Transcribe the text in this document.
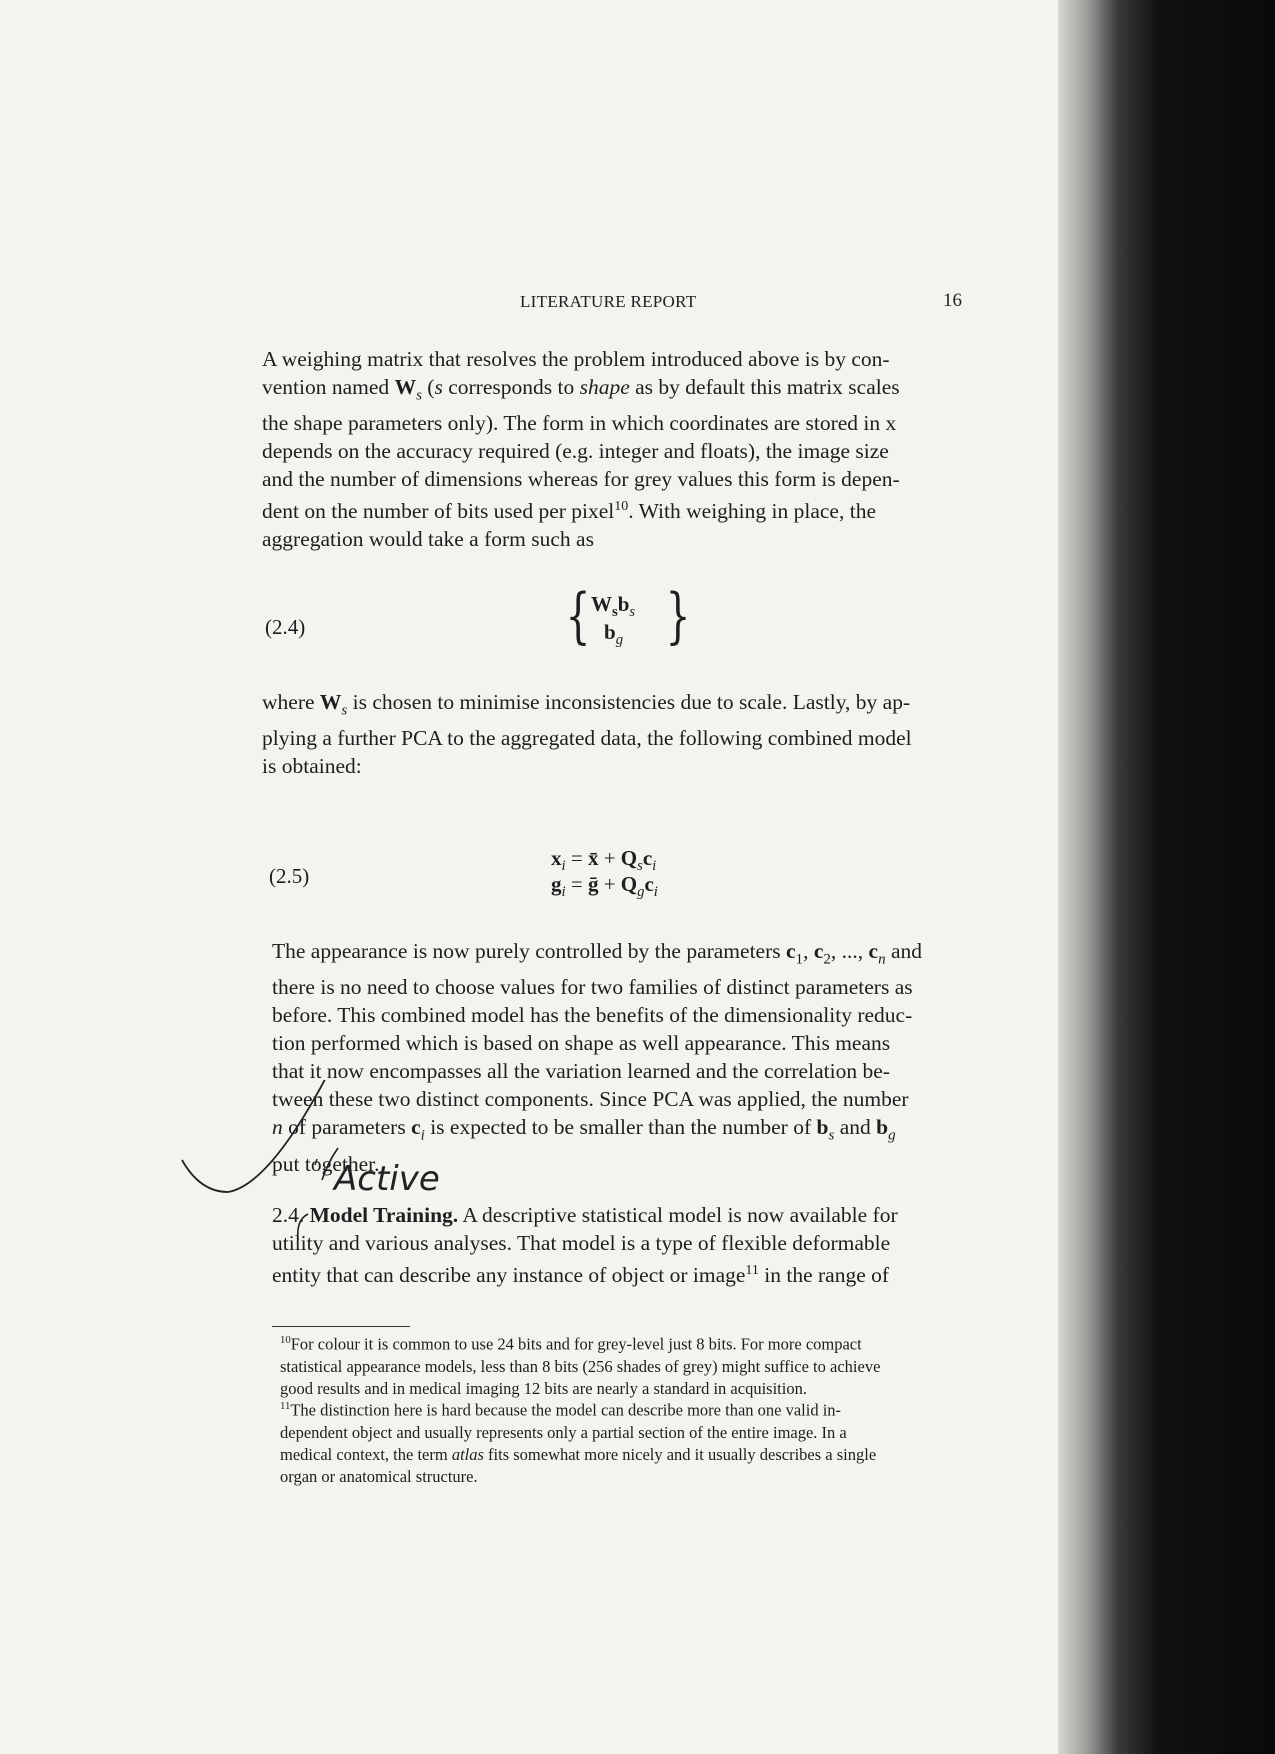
LITERATURE REPORT	16

A weighing matrix that resolves the problem introduced above is by con-
vention named $W_s$ (s corresponds to shape as by default this matrix scales
the shape parameters only). The form in which coordinates are stored in x
depends on the accuracy required (e.g. integer and floats), the image size
and the number of dimensions whereas for grey values this form is depen-
dent on the number of bits used per pixel$^{10}$. With weighing in place, the
aggregation would take a form such as

(2.4)	{ $W_sb_s$
$b_g$ }

where $W_s$ is chosen to minimise inconsistencies due to scale. Lastly, by ap-
plying a further PCA to the aggregated data, the following combined model
is obtained:

(2.5)
$x_i$ = x̄ + $Q_sc_i$
$g_i$ = ḡ + $Q_gc_i$

The appearance is now purely controlled by the parameters $c_1$, $c_2$, ..., $c_n$ and
there is no need to choose values for two families of distinct parameters as
before. This combined model has the benefits of the dimensionality reduc-
tion performed which is based on shape as well appearance. This means
that it now encompasses all the variation learned and the correlation be-
tween these two distinct components. Since PCA was applied, the number
n of parameters $c_i$ is expected to be smaller than the number of $b_s$ and $b_g$
put together.

2.4. Model Training. A descriptive statistical model is now available for
utility and various analyses. That model is a type of flexible deformable
entity that can describe any instance of object or image$^{11}$ in the range of

$^{10}$For colour it is common to use 24 bits and for grey-level just 8 bits. For more compact
statistical appearance models, less than 8 bits (256 shades of grey) might suffice to achieve
good results and in medical imaging 12 bits are nearly a standard in acquisition.

$^{11}$The distinction here is hard because the model can describe more than one valid in-
dependent object and usually represents only a partial section of the entire image. In a
medical context, the term atlas fits somewhat more nicely and it usually describes a single
organ or anatomical structure.

Active
